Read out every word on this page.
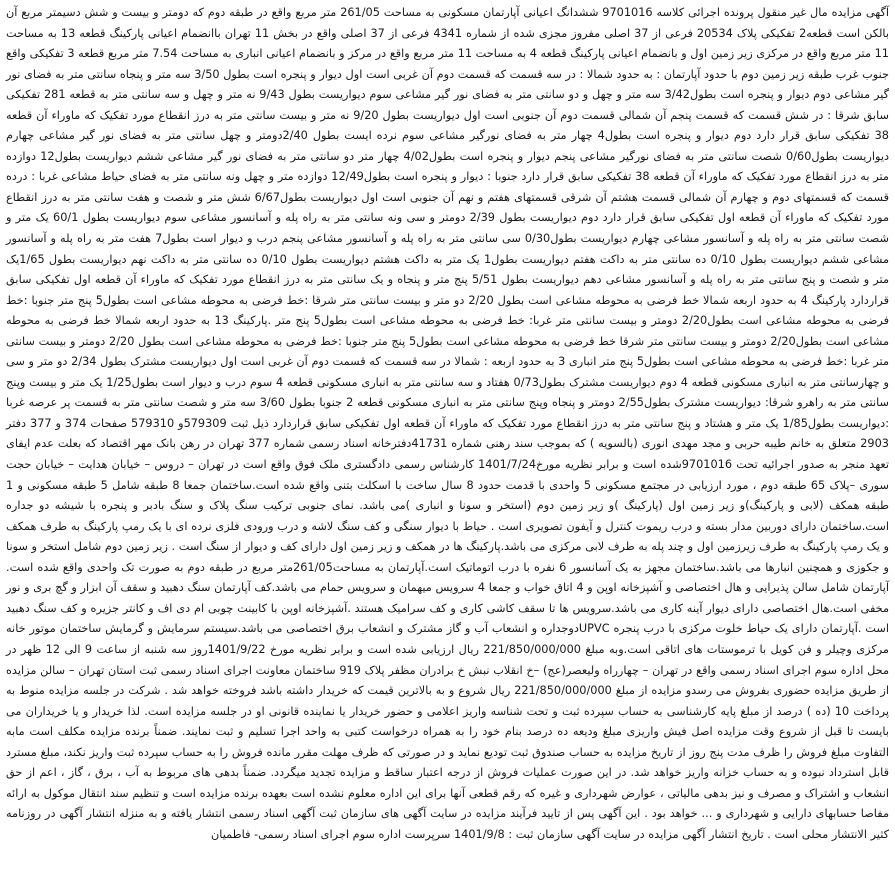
آگهی مزایده مال غیر منقول پرونده اجرائی کلاسه 9701016 ششدانگ اعیانی آپارتمان مسکونی به مساحت 261/05 متر مربع واقع در طبقه دوم که دومتر و بیست و شش دسیمتر مربع آن بالکن است قطعه2 تفکیکی پلاک 20534 فرعی از 37 اصلی مفروز مجزی شده از شماره 4341 فرعی از 37 اصلی واقع در بخش 11 تهران باانضمام اعیانی پارکینگ قطعه 13 به مساحت 11 متر مربع واقع در مرکزی زیر زمین اول و بانضمام اعیانی پارکینگ قطعه 4 به مساحت 11 متر مربع واقع در مرکز و بانضمام اعیانی انباری به مساحت 7.54 متر مربع قطعه 3 تفکیکی واقع جنوب غرب طبقه زیر زمین دوم با حدود آپارتمان : به حدود شمالا : در سه قسمت که قسمت دوم آن غربی است اول دیوار و پنجره است بطول 3/50 سه متر و پنجاه سانتی متر به فضای نور گیر مشاعی دوم دیوار و پنجره است بطول3/42 سه متر و چهل و دو سانتی متر به فضای نور گیر مشاعی سوم دیواریست بطول 9/43 نه متر و چهل و سه سانتی متر به قطعه 281 تفکیکی سابق شرقا : در شش قسمت که قسمت پنجم آن شمالی قسمت دوم آن جنوبی است اول دیواریست بطول 9/20 نه متر و بیست سانتی متر به درز انقطاع مورد تفکیک که ماوراء آن قطعه 38 تفکیکی سابق قرار دارد دوم دیوار و پنجره است بطول4 چهار متر به فضای نورگیر مشاعی سوم نرده ایست بطول 2/40دومتر و چهل سانتی متر به فضای نور گیر مشاعی چهارم دیواریست بطول0/60 شصت سانتی متر به فضای نورگیر مشاعی پنجم دیوار و پنجره است بطول4/02 چهار متر دو سانتی متر به فضای نور گیر مشاعی ششم دیواریست بطول12 دوازده متر به درز انقطاع مورد تفکیک که ماوراء آن قطعه 38 تفکیکی سابق قرار دارد جنوبا : دیوار و پنجره است بطول12/49 دوازده متر و چهل ونه سانتی متر به فضای حیاط مشاعی غربا : درده قسمت که قسمتهای دوم و چهارم آن شمالی قسمت هشتم آن شرقی قسمتهای هفتم و نهم آن جنوبی است اول دیواریست بطول6/67 شش متر و شصت و هفت سانتی متر به درز انقطاع مورد تفکیک که ماوراء آن قطعه اول تفکیکی سابق قرار دارد دوم دیواریست بطول 2/39 دومتر و سی ونه سانتی متر به راه پله و آسانسور مشاعی سوم دیواریست بطول 60/1 یک متر و شصت سانتی متر به راه پله و آسانسور مشاعی چهارم دیواریست بطول0/30 سی سانتی متر به راه پله و آسانسور مشاعی پنجم درب و دیوار است بطول7 هفت متر به راه پله و آسانسور مشاعی ششم دیواریست بطول 0/10 ده سانتی متر به داکت هفتم دیواریست بطول1 یک متر به داکت هشتم دیواریست بطول 0/10 ده سانتی متر به داکت نهم دیواریست بطول 1/65یک متر و شصت و پنج سانتی متر به راه پله و آسانسور مشاعی دهم دیواریست بطول 5/51 پنج متر و پنجاه و یک سانتی متر به درز انقطاع مورد تفکیک که ماوراء آن قطعه اول تفکیکی سابق قراردارد پارکینگ 4 به حدود اربعه شمالا خط فرضی به محوطه مشاعی است بطول 2/20 دو متر و بیست سانتی متر شرقا :خط فرضی به محوطه مشاعی است بطول5 پنج متر جنوبا :خط فرضی به محوطه مشاعی است بطول2/20 دومتر و بیست سانتی متر غربا: خط فرضی به محوطه مشاعی است بطول5 پنج متر .پارکینگ 13 به حدود اربعه شمالا خط فرضی به محوطه مشاعی است بطول2/20 دومتر و بیست سانتی متر شرقا خط فرضی به محوطه مشاعی است بطول5 پنج متر جنوبا :خط فرضی به محوطه مشاعی است بطول 2/20 دومتر و بیست سانتی متر غربا :خط فرضی به محوطه مشاعی است بطول5 پنج متر انباری 3 به حدود اربعه : شمالا در سه قسمت که قسمت دوم آن غربی است اول دیواریست مشترک بطول 2/34 دو متر و سی و چهارسانتی متر به انباری مسکونی قطعه 4 دوم دیواریست مشترک بطول0/73 هفتاد و سه سانتی متر به انباری مسکونی قطعه 4 سوم درب و دیوار است بطول1/25 یک متر و بیست وپنج سانتی متر به راهرو شرقا: دیواریست مشترک بطول2/55 دومتر و پنجاه وپنج سانتی متر به انباری مسکونی قطعه 2 جنوبا بطول 3/60 سه متر و شصت سانتی متر به قسمت پر عرصه غربا :دیواریست بطول1/85 یک متر و هشتاد و پنج سانتی متر به درز انقطاع مورد تفکیک که ماوراء آن قطعه اول تفکیکی سابق قراردارد ذیل ثبت 579309و 579310 صفحات 374 و 377 دفتر 2903 متعلق به خانم طیبه حربی و مجد مهدی انوری (بالسویه ) که بموجب سند رهنی شماره 41731دفترخانه اسناد رسمی شماره 377 تهران در رهن بانک مهر اقتصاد که بعلت عدم ایفای تعهد منجر به صدور اجرائیه تحت 9701016شده است و برابر نظریه مورخ1401/7/24 کارشناس رسمی دادگستری ملک فوق واقع است در تهران – دروس – خیابان هدایت – خیابان حجت سوری –پلاک 65 طبقه دوم ، مورد ارزیابی در مجتمع مسکونی 5 واحدی با قدمت حدود 8 سال ساخت با اسکلت بتنی واقع شده است.ساختمان جمعا 8 طبقه شامل 5 طبقه مسکونی و 1 طبقه همکف (لابی و پارکینگ)و زیر زمین اول (پارکینگ )و زیر زمین دوم (استخر و سونا و انباری )می باشد. نمای جنوبی ترکیب سنگ پلاک و سنگ بادبر و پنجره با شیشه دو جداره است.ساختمان دارای دوربین مدار بسته و درب ریموت کنترل و آیفون تصویری است . حیاط با دیوار سنگی و کف سنگ لاشه و درب ورودی فلزی نرده ای با یک رمپ پارکینگ به طرف همکف و یک رمپ پارکینگ به طرف زیرزمین اول و چند پله به طرف لابی مرکزی می باشد.پارکینگ ها در همکف و زیر زمین اول دارای کف و دیوار از سنگ است . زیر زمین دوم شامل استخر و سونا و جکوزی و همچنین انبارها می باشد.ساختمان مجهز به یک آسانسور 6 نفره با درب اتوماتیک است.آپارتمان به مساحت261/05متر مربع در طبقه دوم به صورت تک واحدی واقع شده است. آپارتمان شامل سالن پذیرایی و هال اختصاصی و آشپزخانه اوپن و 4 اتاق خواب و جمعا 4 سرویس میهمان و سرویس حمام می باشد.کف آپارتمان سنگ دهبید و سقف آن ابزار و گچ بری و نور مخفی است.هال اختصاصی دارای دیوار آینه کاری می باشد.سرویس ها تا سقف کاشی کاری و کف سرامیک هستند .آشپزخانه اوپن با کابینت چوبی ام دی اف و کانتر جزیره و کف سنگ دهبید است .آپارتمان دارای یک حیاط خلوت مرکزی با درب پنجره UPVCدوجداره و انشعاب آب و گاز مشترک و انشعاب برق اختصاصی می باشد.سیستم سرمایش و گرمایش ساختمان موتور خانه مرکزی وچیلر و فن کویل با ترموستات های اتاقی است.وبه مبلغ 221/850/000/000 ریال ارزیابی شده است و برابر نظریه مورخ 1401/9/22روز سه شنبه از ساعت 9 الی 12 ظهر در محل اداره سوم اجرای اسناد رسمی واقع در تهران – چهارراه ولیعصر(عج) –خ انقلاب نبش خ برادران مظفر پلاک 919 ساختمان معاونت اجرای اسناد رسمی ثبت استان تهران – سالن مزایده از طریق مزایده حضوری بفروش می رسدو مزایده از مبلغ 221/850/000/000 ریال شروع و به بالاترین قیمت که خریدار داشته باشد فروخته خواهد شد . شرکت در جلسه مزایده منوط به پرداخت 10 (ده ) درصد از مبلغ پایه کارشناسی به حساب سپرده ثبت و تحت شناسه واریز اعلامی و حضور خریدار یا نماینده قانونی او در جلسه مزایده است. لذا خریدار و یا خریداران می بایست تا قبل از شروع وقت مزایده اصل فیش واریزی مبلغ ودیعه ده درصد بنام خود را به همراه درخواست کتبی به واحد اجرا تسلیم و ثبت نمایند. ضمناً برنده مزایده مکلف است مابه التفاوت مبلغ فروش را ظرف مدت پنج روز از تاریخ مزایده به حساب صندوق ثبت تودیع نماید و در صورتی که ظرف مهلت مقرر مانده فروش را به حساب سپرده ثبت واریز نکند، مبلغ مسترد قابل استرداد نبوده و به حساب خزانه واریز خواهد شد. در این صورت عملیات فروش از درجه اعتبار ساقط و مزایده تجدید میگردد. ضمناً بدهی های مربوط به آب ، برق ، گاز ، اعم از حق انشعاب و اشتراک و مصرف و نیز بدهی مالیاتی ، عوارض شهرداری و غیره که رقم قطعی آنها برای این اداره معلوم نشده است بعهده برنده مزایده است و تنظیم سند انتقال موکول به ارائه مفاصا حسابهای دارایی و شهرداری و ... خواهد بود . این آگهی پس از تایید فرآیند مزایده در سایت آگهی های سازمان ثبت آگهی اسناد رسمی انتشار یافته و به منزله انتشار آگهی در روزنامه کثیر الانتشار محلی است . تاریخ انتشار آگهی مزایده در سایت آگهی سازمان ثبت : 1401/9/8 سرپرست اداره سوم اجرای اسناد رسمی- فاطمیان
